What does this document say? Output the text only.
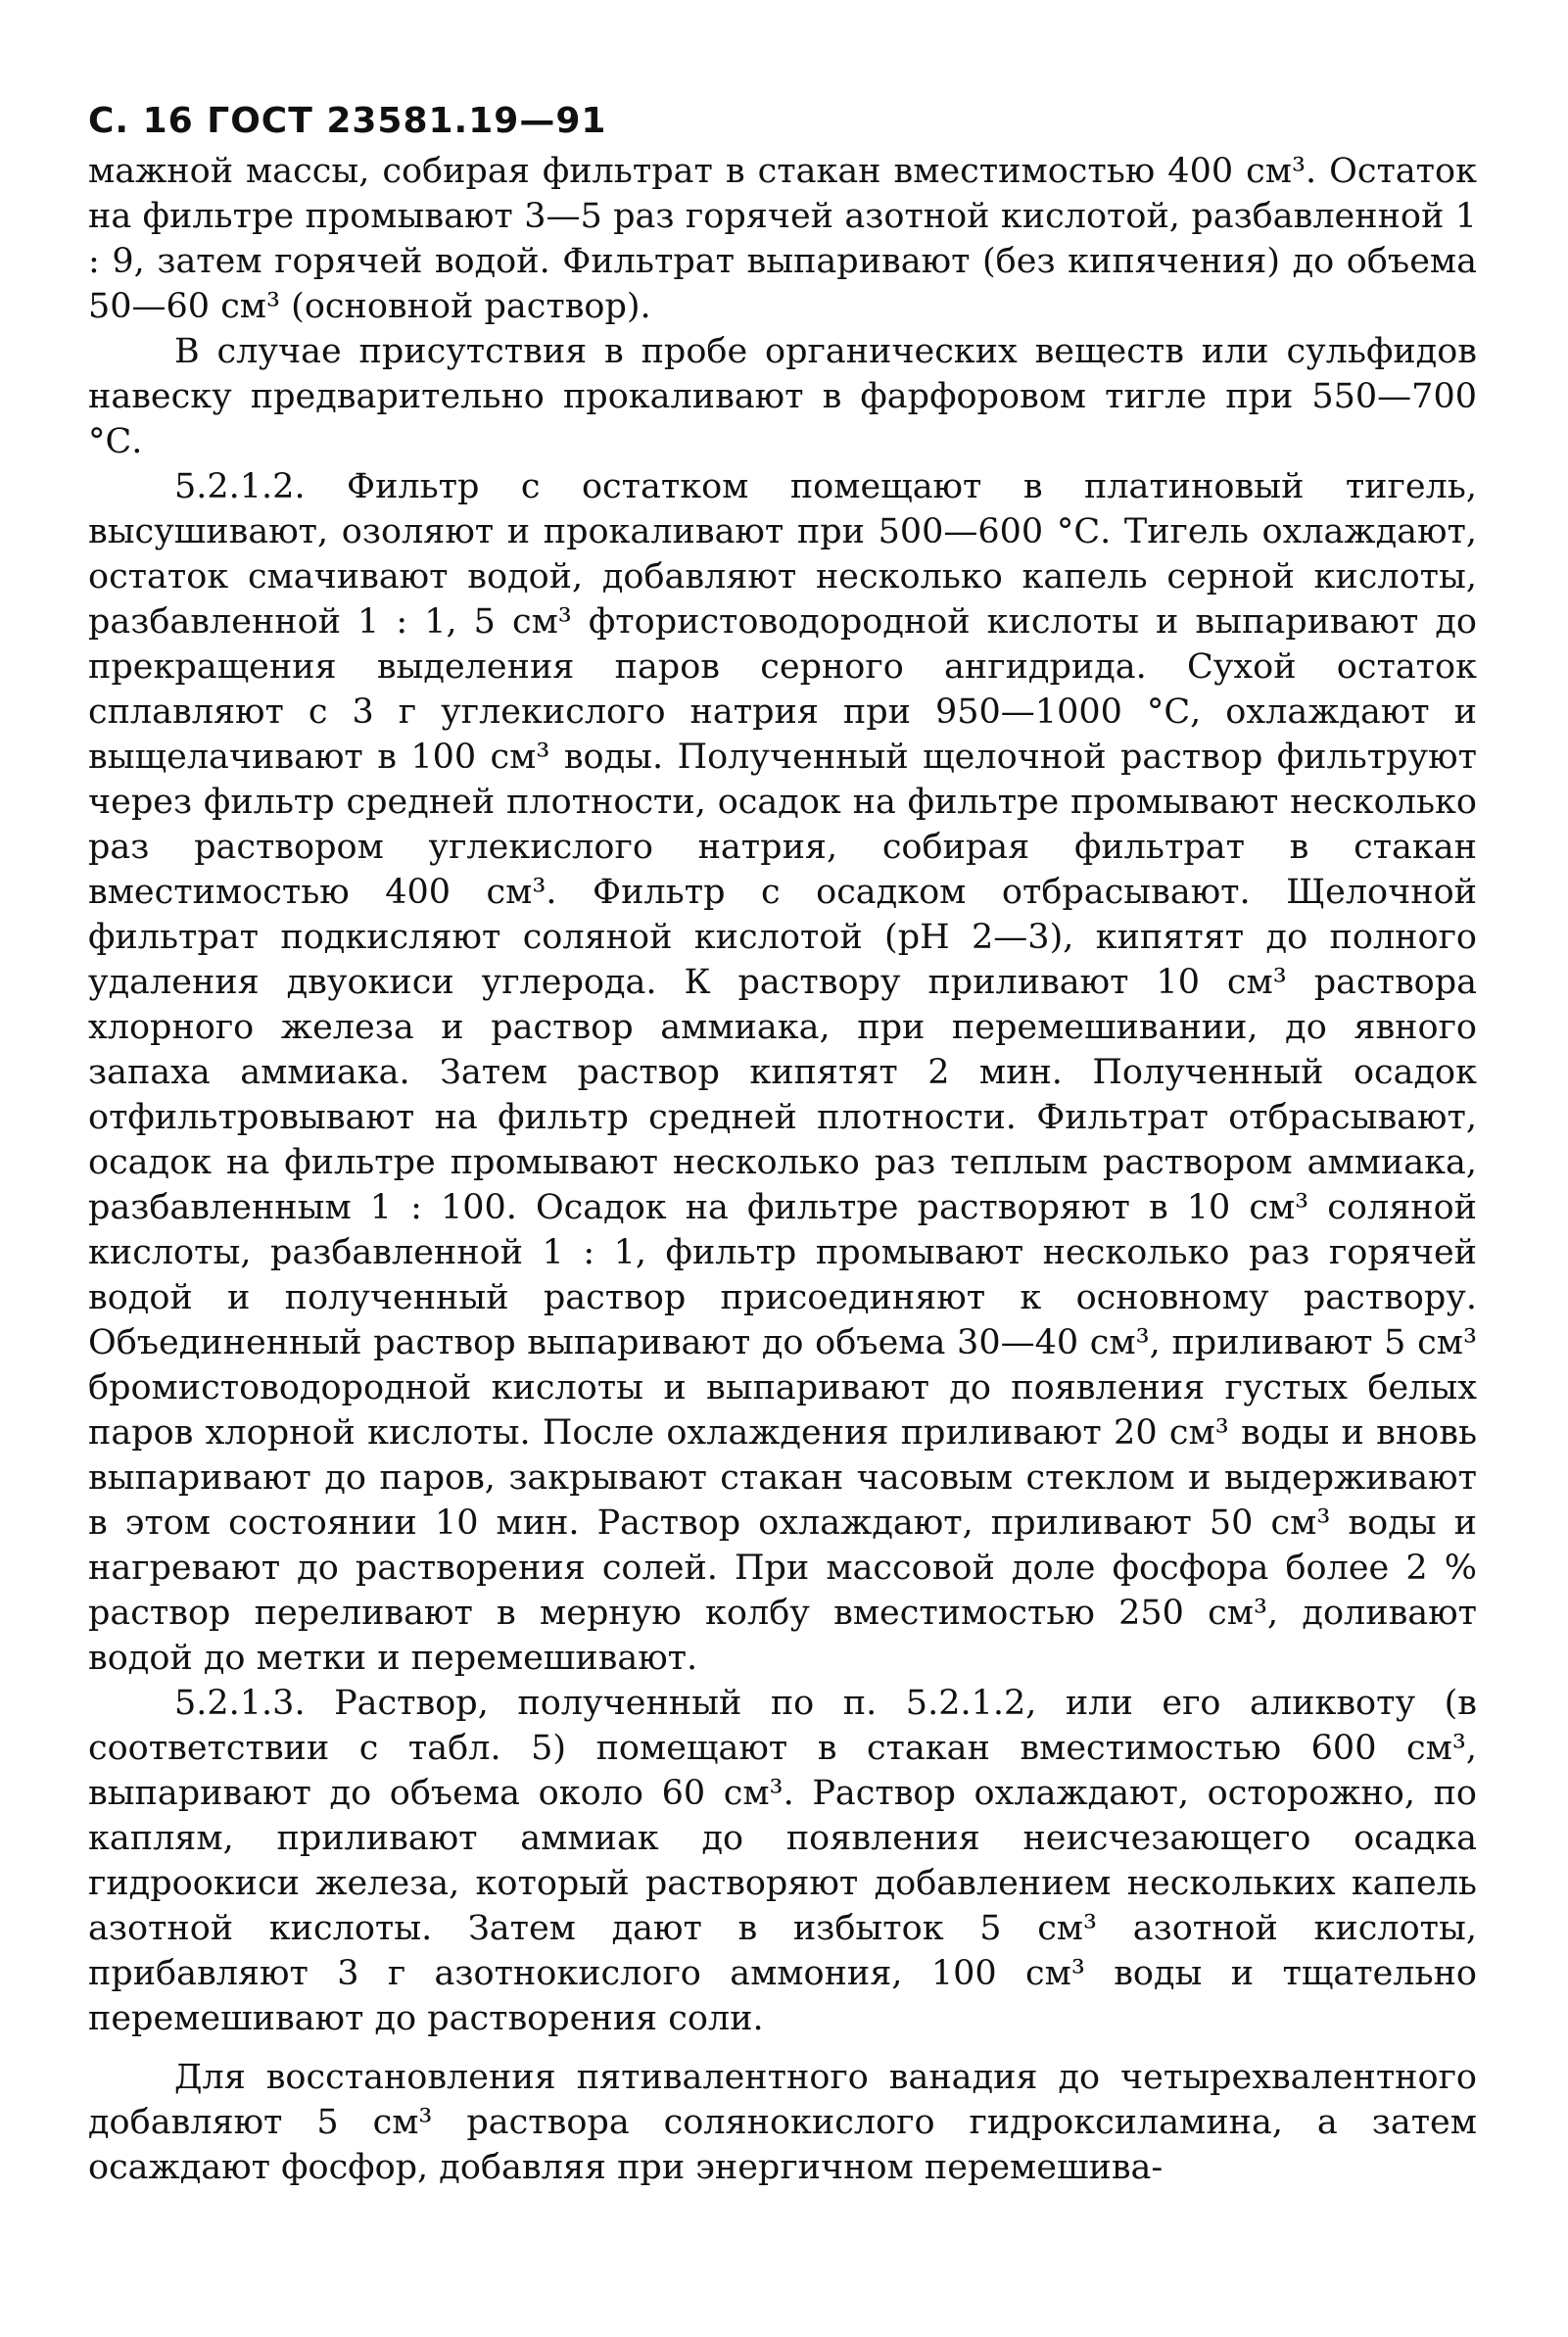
С. 16 ГОСТ 23581.19—91

мажной массы, собирая фильтрат в стакан вместимостью 400 см³. Остаток на фильтре промывают 3—5 раз горячей азотной кислотой, разбавленной 1 : 9, затем горячей водой. Фильтрат выпаривают (без кипячения) до объема 50—60 см³ (основной раствор).

В случае присутствия в пробе органических веществ или сульфидов навеску предварительно прокаливают в фарфоровом тигле при 550—700 °С.

5.2.1.2. Фильтр с остатком помещают в платиновый тигель, высушивают, озоляют и прокаливают при 500—600 °С. Тигель охлаждают, остаток смачивают водой, добавляют несколько капель серной кислоты, разбавленной 1 : 1, 5 см³ фтористоводородной кислоты и выпаривают до прекращения выделения паров серного ангидрида. Сухой остаток сплавляют с 3 г углекислого натрия при 950—1000 °С, охлаждают и выщелачивают в 100 см³ воды. Полученный щелочной раствор фильтруют через фильтр средней плотности, осадок на фильтре промывают несколько раз раствором углекислого натрия, собирая фильтрат в стакан вместимостью 400 см³. Фильтр с осадком отбрасывают. Щелочной фильтрат подкисляют соляной кислотой (рН 2—3), кипятят до полного удаления двуокиси углерода. К раствору приливают 10 см³ раствора хлорного железа и раствор аммиака, при перемешивании, до явного запаха аммиака. Затем раствор кипятят 2 мин. Полученный осадок отфильтровывают на фильтр средней плотности. Фильтрат отбрасывают, осадок на фильтре промывают несколько раз теплым раствором аммиака, разбавленным 1 : 100. Осадок на фильтре растворяют в 10 см³ соляной кислоты, разбавленной 1 : 1, фильтр промывают несколько раз горячей водой и полученный раствор присоединяют к основному раствору. Объединенный раствор выпаривают до объема 30—40 см³, приливают 5 см³ бромистоводородной кислоты и выпаривают до появления густых белых паров хлорной кислоты. После охлаждения приливают 20 см³ воды и вновь выпаривают до паров, закрывают стакан часовым стеклом и выдерживают в этом состоянии 10 мин. Раствор охлаждают, приливают 50 см³ воды и нагревают до растворения солей. При массовой доле фосфора более 2 % раствор переливают в мерную колбу вместимостью 250 см³, доливают водой до метки и перемешивают.

5.2.1.3. Раствор, полученный по п. 5.2.1.2, или его аликвоту (в соответствии с табл. 5) помещают в стакан вместимостью 600 см³, выпаривают до объема около 60 см³. Раствор охлаждают, осторожно, по каплям, приливают аммиак до появления неисчезающего осадка гидроокиси железа, который растворяют добавлением нескольких капель азотной кислоты. Затем дают в избыток 5 см³ азотной кислоты, прибавляют 3 г азотнокислого аммония, 100 см³ воды и тщательно перемешивают до растворения соли.

Для восстановления пятивалентного ванадия до четырехвалентного добавляют 5 см³ раствора солянокислого гидроксиламина, а затем осаждают фосфор, добавляя при энергичном перемешива-
